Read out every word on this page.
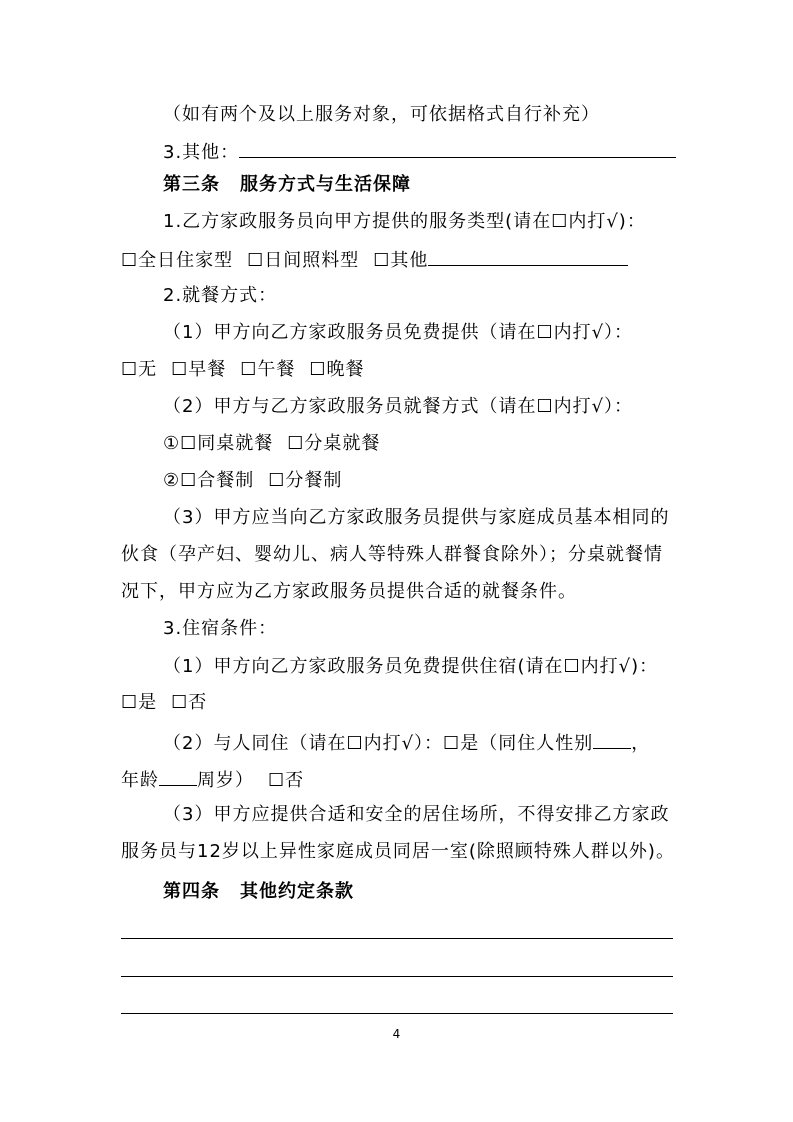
（如有两个及以上服务对象，可依据格式自行补充）
3.其他：
第三条 服务方式与生活保障
1.乙方家政服务员向甲方提供的服务类型(请在☐内打√)：
☐全日住家型 ☐日间照料型 ☐其他
2.就餐方式：
（1）甲方向乙方家政服务员免费提供（请在☐内打√）：
☐无 ☐早餐 ☐午餐 ☐晚餐
（2）甲方与乙方家政服务员就餐方式（请在☐内打√）：
①☐同桌就餐 ☐分桌就餐
②☐合餐制 ☐分餐制
（3）甲方应当向乙方家政服务员提供与家庭成员基本相同的
伙食（孕产妇、婴幼儿、病人等特殊人群餐食除外）；分桌就餐情
况下，甲方应为乙方家政服务员提供合适的就餐条件。
3.住宿条件：
（1）甲方向乙方家政服务员免费提供住宿(请在☐内打√)：
☐是 ☐否
（2）与人同住（请在☐内打√）：☐是（同住人性别 ，
年龄 周岁） ☐否
（3）甲方应提供合适和安全的居住场所，不得安排乙方家政
服务员与12岁以上异性家庭成员同居一室(除照顾特殊人群以外)。
第四条 其他约定条款
4
